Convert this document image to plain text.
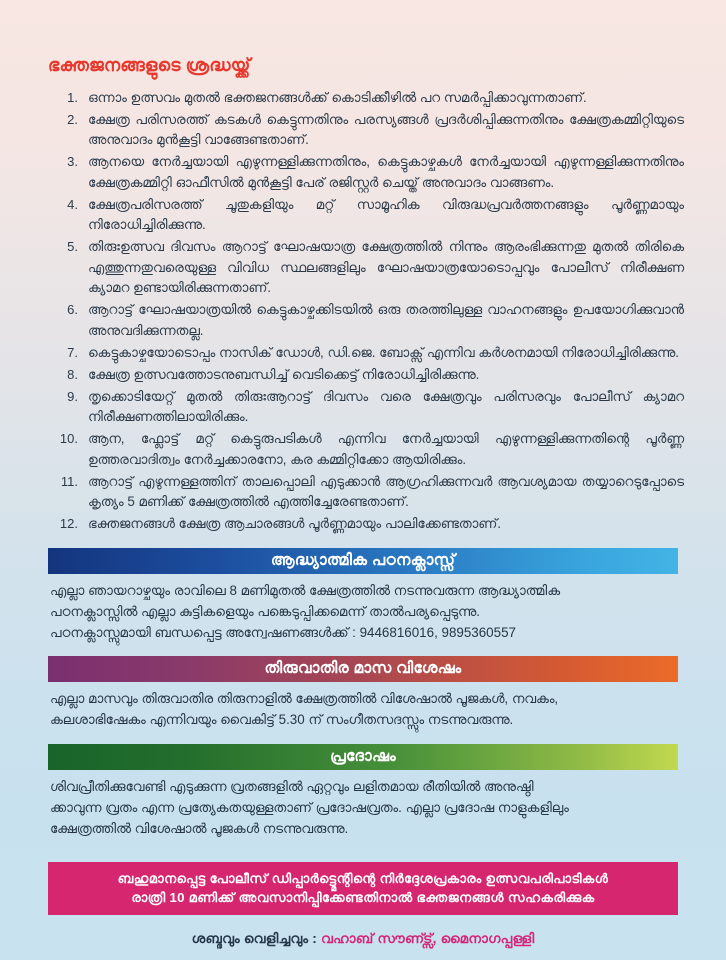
ഭക്തജനങ്ങളുടെ ശ്രദ്ധയ്ക്ക്
1. ഒന്നാം ഉത്സവം മുതൽ ഭക്തജനങ്ങൾക്ക് കൊടിക്കീഴിൽ പറ സമർപ്പിക്കാവുന്നതാണ്.
2. ക്ഷേത്ര പരിസരത്ത് കടകൾ കെട്ടുന്നതിനും പരസ്യങ്ങൾ പ്രദർശിപ്പിക്കുന്നതിനും ക്ഷേത്രകമ്മിറ്റിയുടെ അനുവാദം മുൻകൂട്ടി വാങ്ങേണ്ടതാണ്.
3. ആനയെ നേർച്ചയായി എഴുന്നള്ളിക്കുന്നതിനും, കെട്ടുകാഴ്ചകൾ നേർച്ചയായി എഴുന്നള്ളിക്കുന്നതിനും ക്ഷേത്രകമ്മിറ്റി ഓഫീസിൽ മുൻകൂട്ടി പേര് രജിസ്റ്റർ ചെയ്ത് അനുവാദം വാങ്ങണം.
4. ക്ഷേത്രപരിസരത്ത് ചൂതുകളിയും മറ്റ് സാമൂഹിക വിരുദ്ധപ്രവർത്തനങ്ങളും പൂർണ്ണമായും നിരോധിച്ചിരിക്കുന്നു.
5. തിരുഃഉത്സവ ദിവസം ആറാട്ട് ഘോഷയാത്ര ക്ഷേത്രത്തിൽ നിന്നും ആരംഭിക്കുന്നതു മുതൽ തിരികെ എത്തുന്നതുവരെയുള്ള വിവിധ സ്ഥലങ്ങളിലും ഘോഷയാത്രയോടൊപ്പവും പോലീസ് നിരീക്ഷണ ക്യാമറ ഉണ്ടായിരിക്കുന്നതാണ്.
6. ആറാട്ട് ഘോഷയാത്രയിൽ കെട്ടുകാഴ്ചക്കിടയിൽ ഒരു തരത്തിലുള്ള വാഹനങ്ങളും ഉപയോഗിക്കുവാൻ അനുവദിക്കുന്നതല്ല.
7. കെട്ടുകാഴ്ചയോടൊപ്പം നാസിക് ഡോൾ, ഡി.ജെ. ബോക്സ് എന്നിവ കർശനമായി നിരോധിച്ചിരിക്കുന്നു.
8. ക്ഷേത്ര ഉത്സവത്തോടനുബന്ധിച്ച് വെടിക്കെട്ട് നിരോധിച്ചിരിക്കുന്നു.
9. തൃക്കൊടിയേറ്റ് മുതൽ തിരുഃആറാട്ട് ദിവസം വരെ ക്ഷേത്രവും പരിസരവും പോലീസ് ക്യാമറ നിരീക്ഷണത്തിലായിരിക്കും.
10. ആന, ഫ്ലോട്ട് മറ്റ് കെട്ടുരുപടികൾ എന്നിവ നേർച്ചയായി എഴുന്നള്ളിക്കുന്നതിന്റെ പൂർണ്ണ ഉത്തരവാദിത്വം നേർച്ചക്കാരനോ, കര കമ്മിറ്റിക്കോ ആയിരിക്കും.
11. ആറാട്ട് എഴുന്നള്ളത്തിന് താലപ്പൊലി എടുക്കാൻ ആഗ്രഹിക്കുന്നവർ ആവശ്യമായ തയ്യാറെടുപ്പോടെ കൃത്യം 5 മണിക്ക് ക്ഷേത്രത്തിൽ എത്തിച്ചേരേണ്ടതാണ്.
12. ഭക്തജനങ്ങൾ ക്ഷേത്ര ആചാരങ്ങൾ പൂർണ്ണമായും പാലിക്കേണ്ടതാണ്.
ആദ്ധ്യാത്മിക പഠനക്ലാസ്സ്
എല്ലാ ഞായറാഴ്ചയും രാവിലെ 8 മണിമുതൽ ക്ഷേത്രത്തിൽ നടന്നുവരുന്ന ആദ്ധ്യാത്മിക
പഠനക്ലാസ്സിൽ എല്ലാ കുട്ടികളെയും പങ്കെടുപ്പിക്കമെന്ന് താൽപര്യപ്പെടുന്നു.
പഠനക്ലാസ്സുമായി ബന്ധപ്പെട്ട അന്വേഷണങ്ങൾക്ക് : 9446816016, 9895360557
തിരുവാതിര മാസ വിശേഷം
എല്ലാ മാസവും തിരുവാതിര തിരുനാളിൽ ക്ഷേത്രത്തിൽ വിശേഷാൽ പൂജകൾ, നവകം,
കലശാഭിഷേകം എന്നിവയും വൈകിട്ട് 5.30 ന് സംഗീതസദസ്സും നടന്നുവരുന്നു.
പ്രദോഷം
ശിവപ്രീതിക്കുവേണ്ടി എടുക്കുന്ന വ്രതങ്ങളിൽ ഏറ്റവും ലളിതമായ രീതിയിൽ അനുഷ്ഠി
ക്കാവുന്ന വ്രതം എന്ന പ്രത്യേകതയുള്ളതാണ് പ്രദോഷവ്രതം. എല്ലാ പ്രദോഷ നാളുകളിലും
ക്ഷേത്രത്തിൽ വിശേഷാൽ പൂജകൾ നടന്നുവരുന്നു.
ബഹുമാനപ്പെട്ട പോലീസ് ഡിപ്പാർട്ട്മെന്റിന്റെ നിർദ്ദേശപ്രകാരം ഉത്സവപരിപാടികൾ
രാത്രി 10 മണിക്ക് അവസാനിപ്പിക്കേണ്ടതിനാൽ ഭക്തജനങ്ങൾ സഹകരിക്കുക
ശബ്ദവും വെളിച്ചവും : വഹാബ് സൗണ്ട്സ്, മൈനാഗപ്പള്ളി
